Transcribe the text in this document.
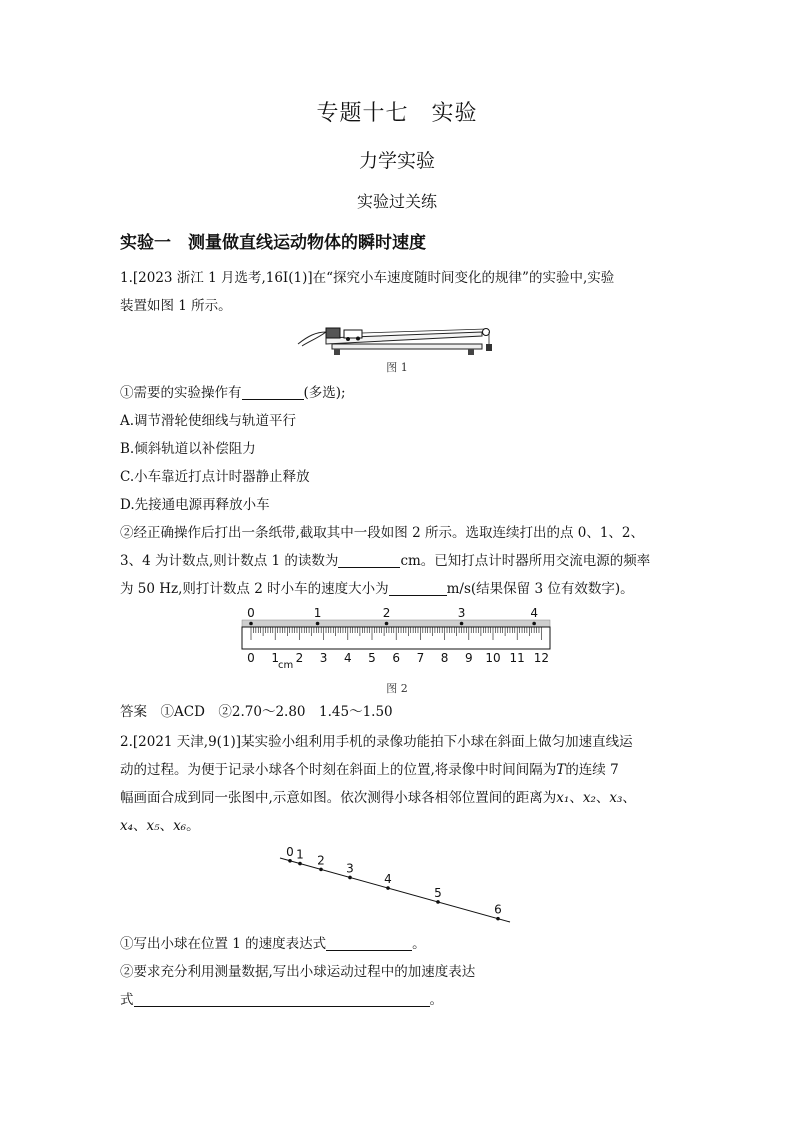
专题十七　实验
力学实验
实验过关练
实验一　测量做直线运动物体的瞬时速度
1.[2023 浙江 1 月选考,16Ⅰ(1)]在“探究小车速度随时间变化的规律”的实验中,实验
装置如图 1 所示。
图 1
①需要的实验操作有	(多选);
A.调节滑轮使细线与轨道平行
B.倾斜轨道以补偿阻力
C.小车靠近打点计时器静止释放
D.先接通电源再释放小车
②经正确操作后打出一条纸带,截取其中一段如图 2 所示。选取连续打出的点 0、1、2、
3、4 为计数点,则计数点 1 的读数为	cm。已知打点计时器所用交流电源的频率
为 50 Hz,则打计数点 2 时小车的速度大小为	m/s(结果保留 3 位有效数字)。
0 1 2 3 4 5 6 7 8 9 10 11 12
0	1	2	3	4
cm
图 2
答案　 ①ACD　②2.70～2.80　1.45～1.50
2.[2021 天津,9(1)]某实验小组利用手机的录像功能拍下小球在斜面上做匀加速直线运
动的过程。为便于记录小球各个时刻在斜面上的位置,将录像中时间间隔为T的连续 7
幅画面合成到同一张图中,示意如图。依次测得小球各相邻位置间的距离为x₁、x₂、x₃、
x₄、x₅、x₆。
0 1 2
3
4
5
6
①写出小球在位置 1 的速度表达式	。
②要求充分利用测量数据,写出小球运动过程中的加速度表达
式	。
